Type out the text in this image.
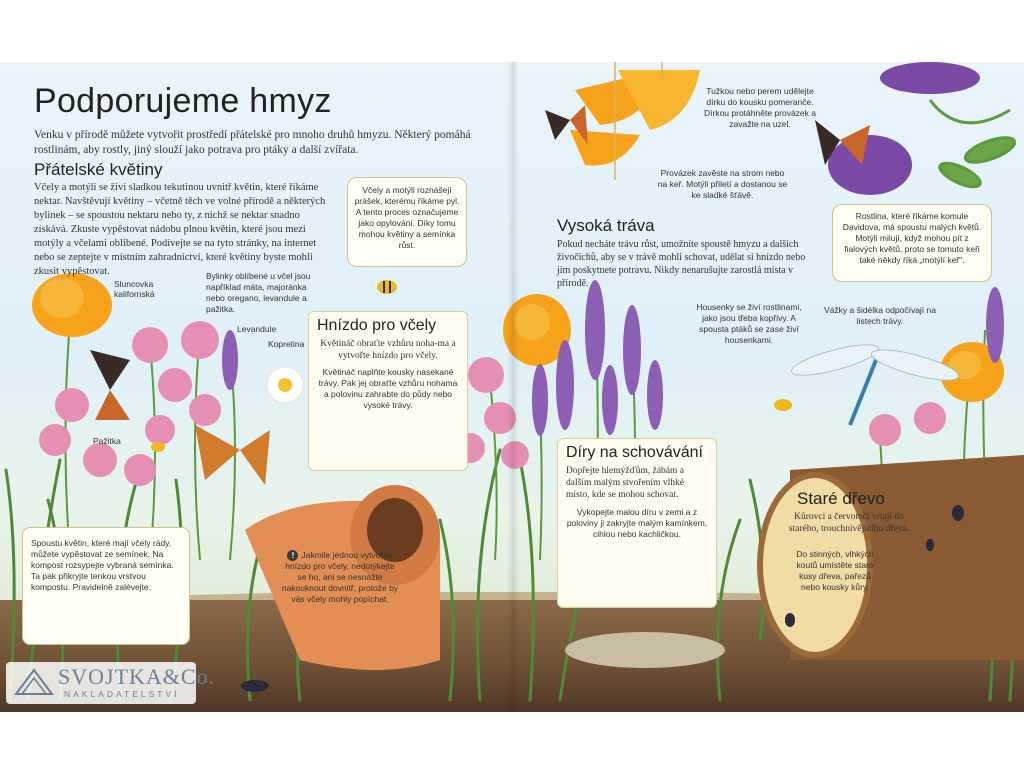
Podporujeme hmyz
Venku v přírodě můžete vytvořit prostředí přátelské pro mnoho druhů hmyzu. Některý pomáhá rostlinám, aby rostly, jiný slouží jako potrava pro ptáky a další zvířata.
Přátelské květiny
Včely a motýli se živí sladkou tekutinou uvnitř květin, které říkáme nektar. Navštěvují květiny – včetně těch ve volné přírodě a některých bylinek – se spoustou nektaru nebo ty, z nichž se nektar snadno získává. Zkuste vypěstovat nádobu plnou květin, které jsou mezi motýly a včelami oblíbené. Podívejte se na tyto stránky, na internet nebo se zeptejte v místním zahradnictví, které květiny byste mohli zkusit vypěstovat.
Včely a motýli roznášejí prášek, kterému říkáme pyl. A tento proces označujeme jako opylování. Díky tomu mohou květiny a semínka růst.
Bylinky oblíbené u včel jsou například máta, majoránka nebo oregano, levandule a pažitka.
Sluncovka kalifornská
Levandule
Kopretina
Pažitka
Hnízdo pro včely
Květináč obraťte vzhůru noha-ma a vytvořte hnízdo pro včely.
Květináč naplňte kousky nasekané trávy. Pak jej obraťte vzhůru nohama a polovinu zahrabte do půdy nebo vysoké trávy.
! Jakmile jednou vytvoříte hnízdo pro včely, nedotýkejte se ho, ani se nesnažte nakouknout dovnitř, protože by vás včely mohly popíchat.
Spoustu květin, které mají včely rády, můžete vypěstovat ze semínek. Na kompost rozsypejte vybraná semínka. Ta pak přikryjte tenkou vrstvou kompostu. Pravidelně zalévejte.
SVOJTKA&Co.
NAKLADATELSTVÍ
Tužkou nebo perem udělejte dírku do kousku pomeranče. Dírkou protáhněte provázek a zavažte na uzel.
Provázek zavěste na strom nebo na keř. Motýli přiletí a dostanou se ke sladké šťávě.
Rostlina, které říkáme komule Davidova, má spoustu malých květů. Motýli milují, když mohou pít z fialových květů, proto se tomuto keři také někdy říká „motýlí keř".
Vysoká tráva
Pokud necháte trávu růst, umožníte spoustě hmyzu a dalších živočichů, aby se v trávě mohli schovat, udělat si hnízdo nebo jim poskytnete potravu. Nikdy nenarušujte zarostlá místa v přírodě.
Housenky se živí rostlinami, jako jsou třeba kopřivy. A spousta ptáků se zase živí housenkami.
Vážky a šidélka odpočívají na listech trávy.
Díry na schovávání
Dopřejte hlemýžďům, žábám a dalším malým stvořením vlhké místo, kde se mohou schovat.
Vykopejte malou díru v zemi a z poloviny ji zakryjte malým kamínkem, cihlou nebo kachličkou.
Staré dřevo
Kůrovci a červotoči vrtají do starého, trouchnivějícího dřeva.
Do stinných, vlhkých koutů umístěte staré kusy dřeva, pařezů nebo kousky kůry.
